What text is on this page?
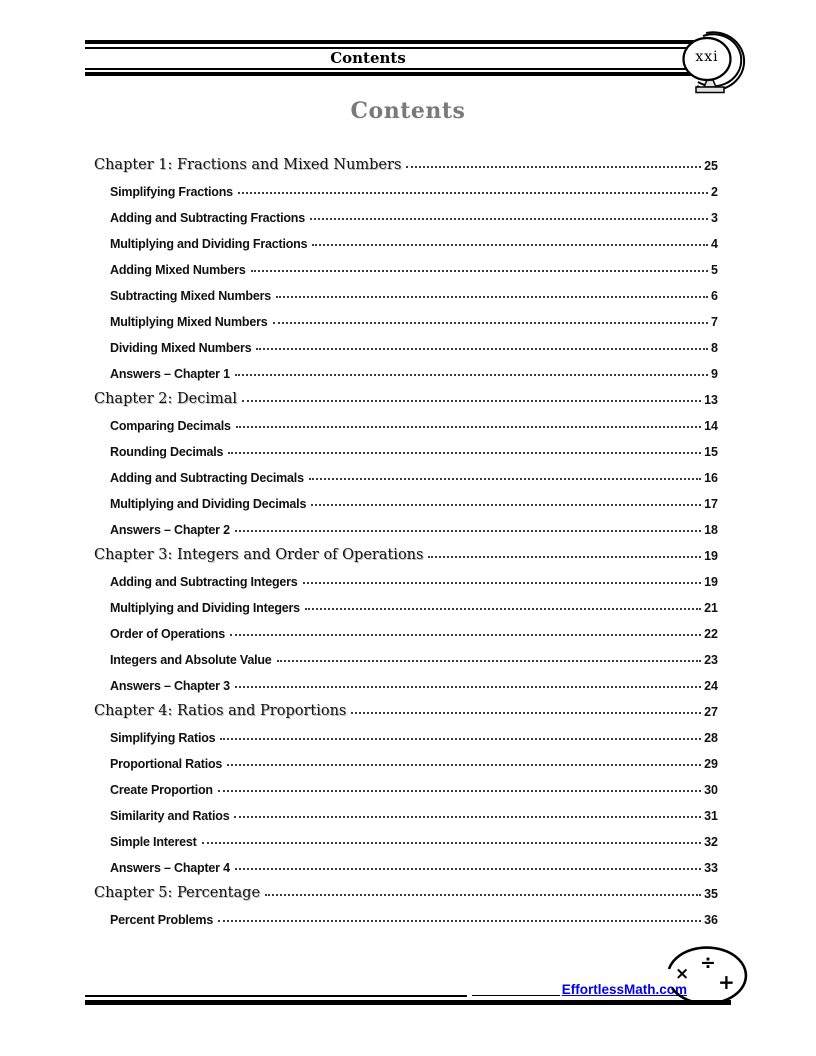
Contents	xxi
Contents
Chapter 1: Fractions and Mixed Numbers	25
Simplifying Fractions	2
Adding and Subtracting Fractions	3
Multiplying and Dividing Fractions	4
Adding Mixed Numbers	5
Subtracting Mixed Numbers	6
Multiplying Mixed Numbers	7
Dividing Mixed Numbers	8
Answers – Chapter 1	9
Chapter 2: Decimal	13
Comparing Decimals	14
Rounding Decimals	15
Adding and Subtracting Decimals	16
Multiplying and Dividing Decimals	17
Answers – Chapter 2	18
Chapter 3: Integers and Order of Operations	19
Adding and Subtracting Integers	19
Multiplying and Dividing Integers	21
Order of Operations	22
Integers and Absolute Value	23
Answers – Chapter 3	24
Chapter 4: Ratios and Proportions	27
Simplifying Ratios	28
Proportional Ratios	29
Create Proportion	30
Similarity and Ratios	31
Simple Interest	32
Answers – Chapter 4	33
Chapter 5: Percentage	35
Percent Problems	36
EffortlessMath.com
× ÷
+
